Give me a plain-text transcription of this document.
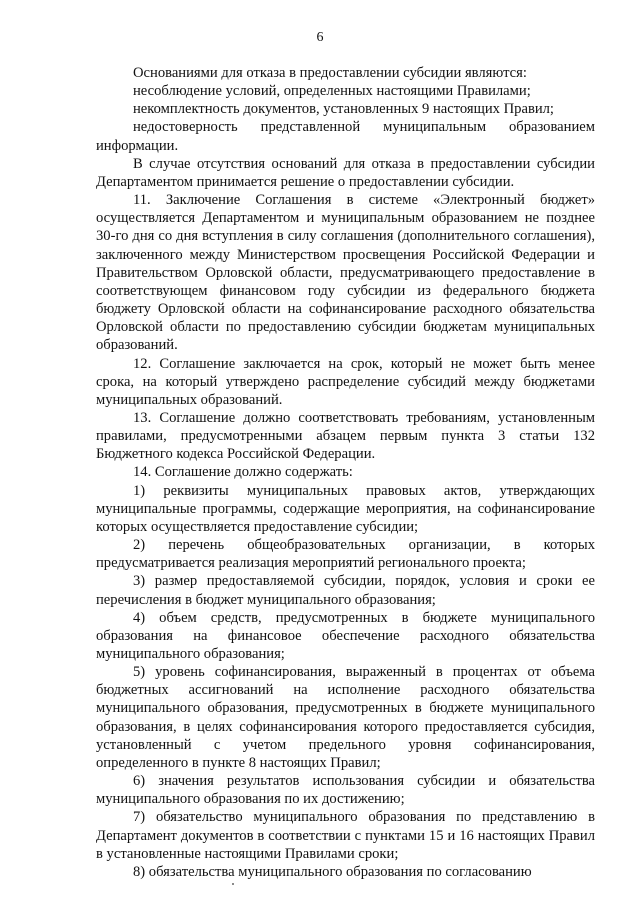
6

Основаниями для отказа в предоставлении субсидии являются:

несоблюдение условий, определенных настоящими Правилами;

некомплектность документов, установленных 9 настоящих Правил;

недостоверность представленной муниципальным образованием информации.

В случае отсутствия оснований для отказа в предоставлении субсидии Департаментом принимается решение о предоставлении субсидии.

11. Заключение Соглашения в системе «Электронный бюджет» осуществляется Департаментом и муниципальным образованием не позднее 30-го дня со дня вступления в силу соглашения (дополнительного соглашения), заключенного между Министерством просвещения Российской Федерации и Правительством Орловской области, предусматривающего предоставление в соответствующем финансовом году субсидии из федерального бюджета бюджету Орловской области на софинансирование расходного обязательства Орловской области по предоставлению субсидии бюджетам муниципальных образований.

12. Соглашение заключается на срок, который не может быть менее срока, на который утверждено распределение субсидий между бюджетами муниципальных образований.

13. Соглашение должно соответствовать требованиям, установленным правилами, предусмотренными абзацем первым пункта 3 статьи 132 Бюджетного кодекса Российской Федерации.

14. Соглашение должно содержать:

1) реквизиты муниципальных правовых актов, утверждающих муниципальные программы, содержащие мероприятия, на софинансирование которых осуществляется предоставление субсидии;

2) перечень общеобразовательных организации, в которых предусматривается реализация мероприятий регионального проекта;

3) размер предоставляемой субсидии, порядок, условия и сроки ее перечисления в бюджет муниципального образования;

4) объем средств, предусмотренных в бюджете муниципального образования на финансовое обеспечение расходного обязательства муниципального образования;

5) уровень софинансирования, выраженный в процентах от объема бюджетных ассигнований на исполнение расходного обязательства муниципального образования, предусмотренных в бюджете муниципального образования, в целях софинансирования которого предоставляется субсидия, установленный с учетом предельного уровня софинансирования, определенного в пункте 8 настоящих Правил;

6) значения результатов использования субсидии и обязательства муниципального образования по их достижению;

7) обязательство муниципального образования по представлению в Департамент документов в соответствии с пунктами 15 и 16 настоящих Правил в установленные настоящими Правилами сроки;

8) обязательства муниципального образования по согласованию
